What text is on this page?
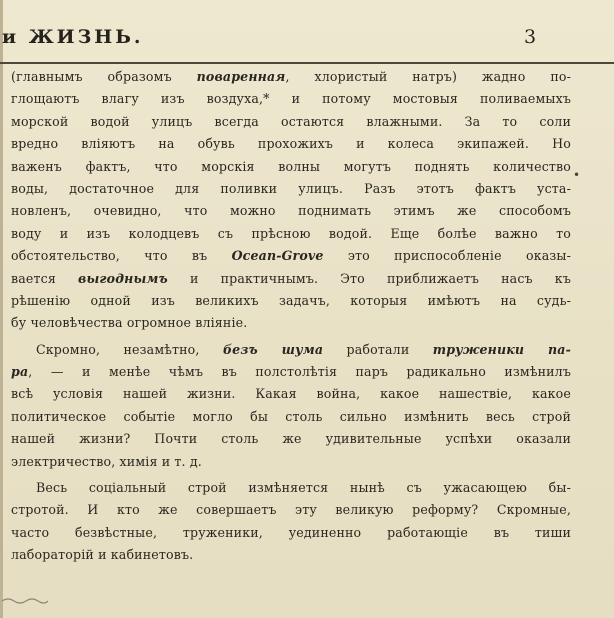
и ЖИЗНЬ.	3
•
(главнымъ образомъ поваренная, хлористый натръ) жадно по-
глощаютъ влагу изъ воздуха,* и потому мостовыя поливаемыхъ
морской водой улицъ всегда остаются влажными. За то соли
вредно вліяютъ на обувь прохожихъ и колеса экипажей. Но
важенъ фактъ, что морскія волны могутъ поднять количество
воды, достаточное для поливки улицъ. Разъ этотъ фактъ уста-
новленъ, очевидно, что можно поднимать этимъ же способомъ
воду и изъ колодцевъ съ прѣсною водой. Еще болѣе важно то
обстоятельство, что въ Ocean-Grove это приспособленіе оказы-
вается выгоднымъ и практичнымъ. Это приближаетъ насъ къ
рѣшенію одной изъ великихъ задачъ, которыя имѣютъ на судь-
бу человѣчества огромное вліяніе.
Скромно, незамѣтно, безъ шума работали труженики па-
ра, — и менѣе чѣмъ въ полстолѣтія паръ радикально измѣнилъ
всѣ условія нашей жизни. Какая война, какое нашествіе, какое
политическое событіе могло бы столь сильно измѣнить весь строй
нашей жизни? Почти столь же удивительные успѣхи оказали
электричество, химія и т. д.
Весь соціальный строй измѣняется нынѣ съ ужасающею бы-
стротой. И кто же совершаетъ эту великую реформу? Скромные,
часто безвѣстные, труженики, уединенно работающіе въ тиши
лабораторій и кабинетовъ.
